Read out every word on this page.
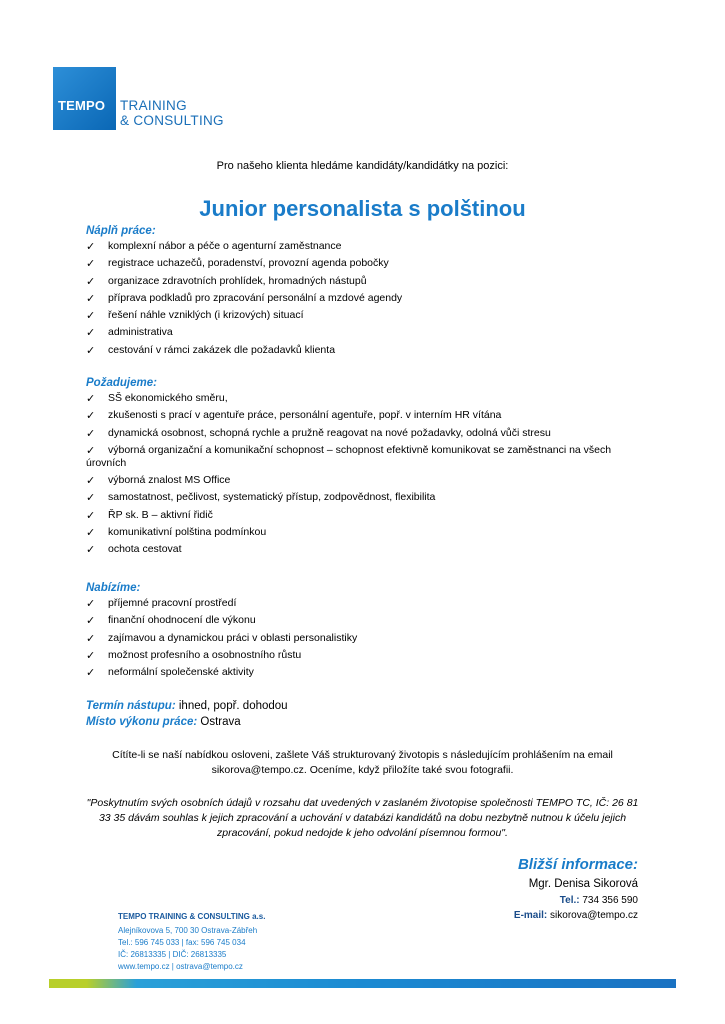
TEMPO TRAINING
& CONSULTING
Pro našeho klienta hledáme kandidáty/kandidátky na pozici:
Junior personalista s polštinou
Náplň práce:
✓ komplexní nábor a péče o agenturní zaměstnance
✓ registrace uchazečů, poradenství, provozní agenda pobočky
✓ organizace zdravotních prohlídek, hromadných nástupů
✓ příprava podkladů pro zpracování personální a mzdové agendy
✓ řešení náhle vzniklých (i krizových) situací
✓ administrativa
✓ cestování v rámci zakázek dle požadavků klienta
Požadujeme:
✓ SŠ ekonomického směru,
✓ zkušenosti s prací v agentuře práce, personální agentuře, popř. v interním HR vítána
✓ dynamická osobnost, schopná rychle a pružně reagovat na nové požadavky, odolná vůči stresu
✓ výborná organizační a komunikační schopnost – schopnost efektivně komunikovat se zaměstnanci na všech úrovních
✓ výborná znalost MS Office
✓ samostatnost, pečlivost, systematický přístup, zodpovědnost, flexibilita
✓ ŘP sk. B – aktivní řidič
✓ komunikativní polština podmínkou
✓ ochota cestovat
Nabízíme:
✓ příjemné pracovní prostředí
✓ finanční ohodnocení dle výkonu
✓ zajímavou a dynamickou práci v oblasti personalistiky
✓ možnost profesního a osobnostního růstu
✓ neformální společenské aktivity
Termín nástupu: ihned, popř. dohodou
Místo výkonu práce: Ostrava
Cítíte-li se naší nabídkou osloveni, zašlete Váš strukturovaný životopis s následujícím prohlášením na email sikorova@tempo.cz. Oceníme, když přiložíte také svou fotografii.
"Poskytnutím svých osobních údajů v rozsahu dat uvedených v zaslaném životopise společnosti TEMPO TC, IČ: 26 81 33 35 dávám souhlas k jejich zpracování a uchování v databázi kandidátů na dobu nezbytně nutnou k účelu jejich zpracování, pokud nedojde k jeho odvolání písemnou formou".
Bližší informace:
Mgr. Denisa Sikorová
Tel.: 734 356 590
E-mail: sikorova@tempo.cz
TEMPO TRAINING & CONSULTING a.s.
Alejníkovova 5, 700 30 Ostrava-Zábřeh
Tel.: 596 745 033 | fax: 596 745 034
IČ: 26813335 | DIČ: 26813335
www.tempo.cz | ostrava@tempo.cz
